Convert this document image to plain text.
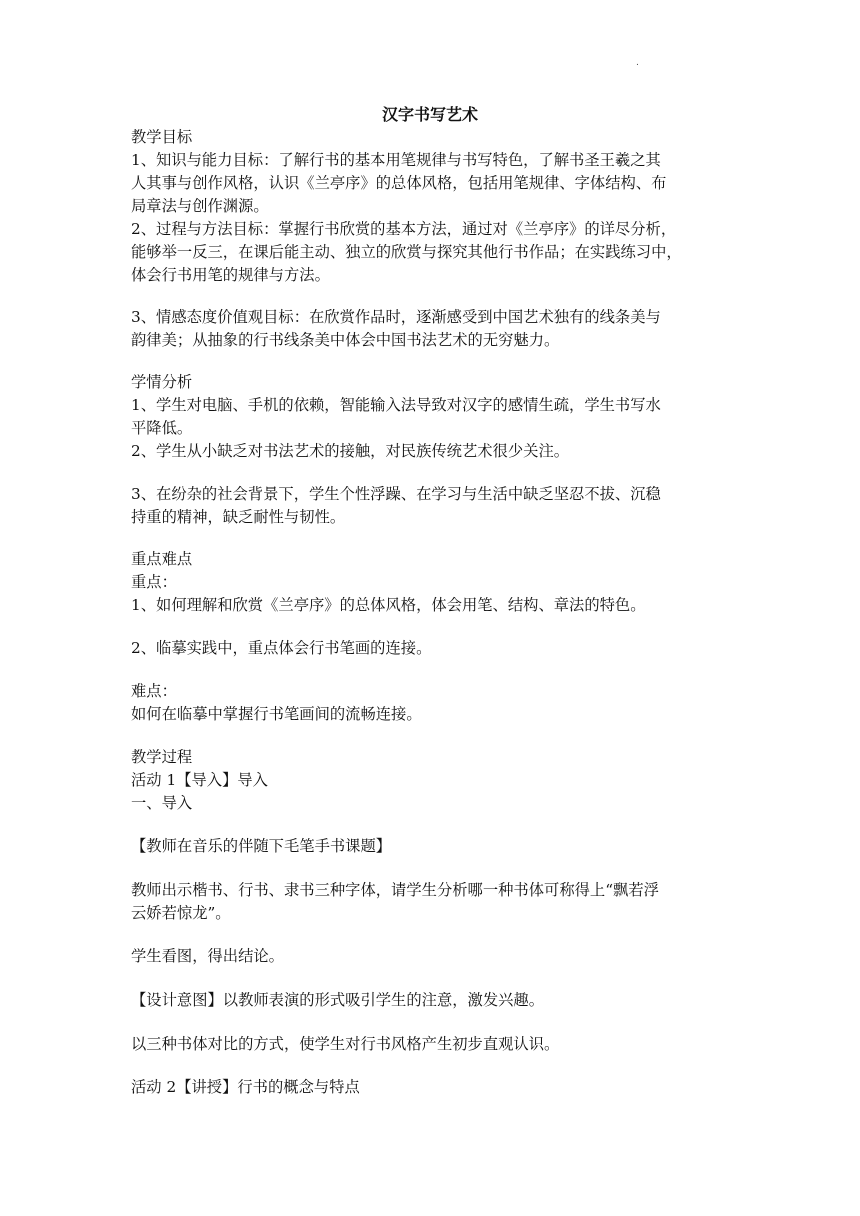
.
汉字书写艺术
教学目标
1、知识与能力目标：了解行书的基本用笔规律与书写特色，了解书圣王羲之其
人其事与创作风格，认识《兰亭序》的总体风格，包括用笔规律、字体结构、布
局章法与创作渊源。
2、过程与方法目标：掌握行书欣赏的基本方法，通过对《兰亭序》的详尽分析，
能够举一反三，在课后能主动、独立的欣赏与探究其他行书作品；在实践练习中，
体会行书用笔的规律与方法。
3、情感态度价值观目标：在欣赏作品时，逐渐感受到中国艺术独有的线条美与
韵律美；从抽象的行书线条美中体会中国书法艺术的无穷魅力。
学情分析
1、学生对电脑、手机的依赖，智能输入法导致对汉字的感情生疏，学生书写水
平降低。
2、学生从小缺乏对书法艺术的接触，对民族传统艺术很少关注。
3、在纷杂的社会背景下，学生个性浮躁、在学习与生活中缺乏坚忍不拔、沉稳
持重的精神，缺乏耐性与韧性。
重点难点
重点：
1、如何理解和欣赏《兰亭序》的总体风格，体会用笔、结构、章法的特色。
2、临摹实践中，重点体会行书笔画的连接。
难点：
如何在临摹中掌握行书笔画间的流畅连接。
教学过程
活动 1【导入】导入
一、导入
【教师在音乐的伴随下毛笔手书课题】
教师出示楷书、行书、隶书三种字体，请学生分析哪一种书体可称得上“飘若浮
云娇若惊龙”。
学生看图，得出结论。
【设计意图】以教师表演的形式吸引学生的注意，激发兴趣。
以三种书体对比的方式，使学生对行书风格产生初步直观认识。
活动 2【讲授】行书的概念与特点
